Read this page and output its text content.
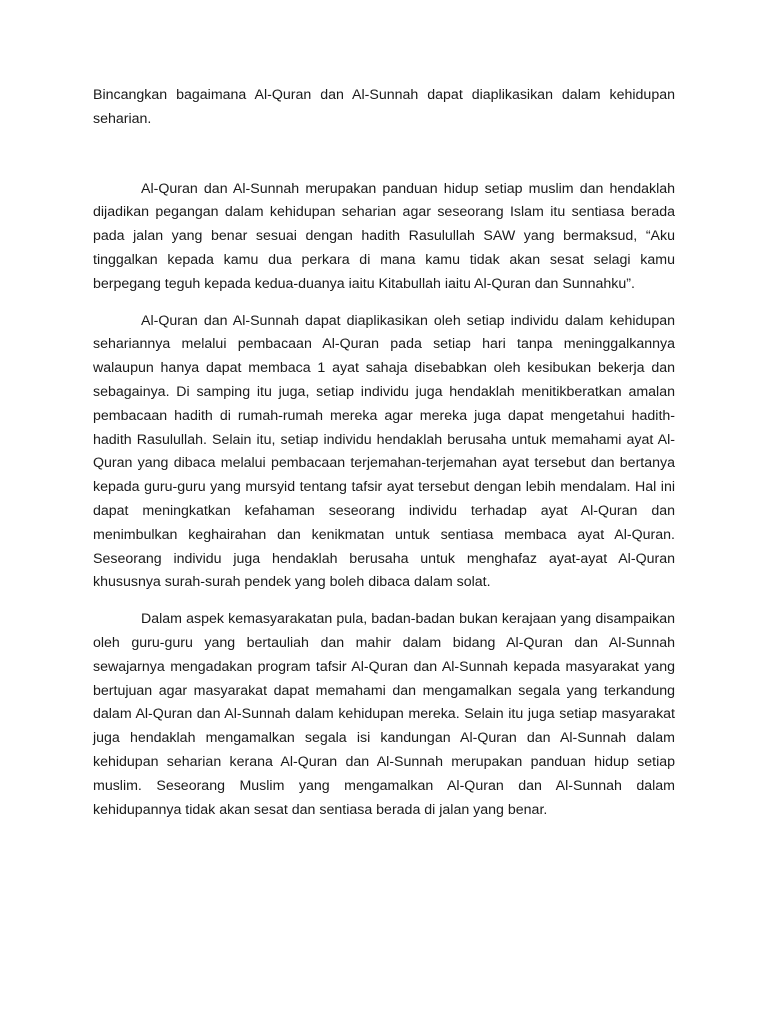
Bincangkan bagaimana Al-Quran dan Al-Sunnah dapat diaplikasikan dalam kehidupan seharian.

Al-Quran dan Al-Sunnah merupakan panduan hidup setiap muslim dan hendaklah dijadikan pegangan dalam kehidupan seharian agar seseorang Islam itu sentiasa berada pada jalan yang benar sesuai dengan hadith Rasulullah SAW yang bermaksud, “Aku tinggalkan kepada kamu dua perkara di mana kamu tidak akan sesat selagi kamu berpegang teguh kepada kedua-duanya iaitu Kitabullah iaitu Al-Quran dan Sunnahku”.

Al-Quran dan Al-Sunnah dapat diaplikasikan oleh setiap individu dalam kehidupan sehariannya melalui pembacaan Al-Quran pada setiap hari tanpa meninggalkannya walaupun hanya dapat membaca 1 ayat sahaja disebabkan oleh kesibukan bekerja dan sebagainya. Di samping itu juga, setiap individu juga hendaklah menitikberatkan amalan pembacaan hadith di rumah-rumah mereka agar mereka juga dapat mengetahui hadith-hadith Rasulullah. Selain itu, setiap individu hendaklah berusaha untuk memahami ayat Al-Quran yang dibaca melalui pembacaan terjemahan-terjemahan ayat tersebut dan bertanya kepada guru-guru yang mursyid tentang tafsir ayat tersebut dengan lebih mendalam. Hal ini dapat meningkatkan kefahaman seseorang individu terhadap ayat Al-Quran dan menimbulkan keghairahan dan kenikmatan untuk sentiasa membaca ayat Al-Quran. Seseorang individu juga hendaklah berusaha untuk menghafaz ayat-ayat Al-Quran khususnya surah-surah pendek yang boleh dibaca dalam solat.

Dalam aspek kemasyarakatan pula, badan-badan bukan kerajaan yang disampaikan oleh guru-guru yang bertauliah dan mahir dalam bidang Al-Quran dan Al-Sunnah sewajarnya mengadakan program tafsir Al-Quran dan Al-Sunnah kepada masyarakat yang bertujuan agar masyarakat dapat memahami dan mengamalkan segala yang terkandung dalam Al-Quran dan Al-Sunnah dalam kehidupan mereka. Selain itu juga setiap masyarakat juga hendaklah mengamalkan segala isi kandungan Al-Quran dan Al-Sunnah dalam kehidupan seharian kerana Al-Quran dan Al-Sunnah merupakan panduan hidup setiap muslim. Seseorang Muslim yang mengamalkan Al-Quran dan Al-Sunnah dalam kehidupannya tidak akan sesat dan sentiasa berada di jalan yang benar.
